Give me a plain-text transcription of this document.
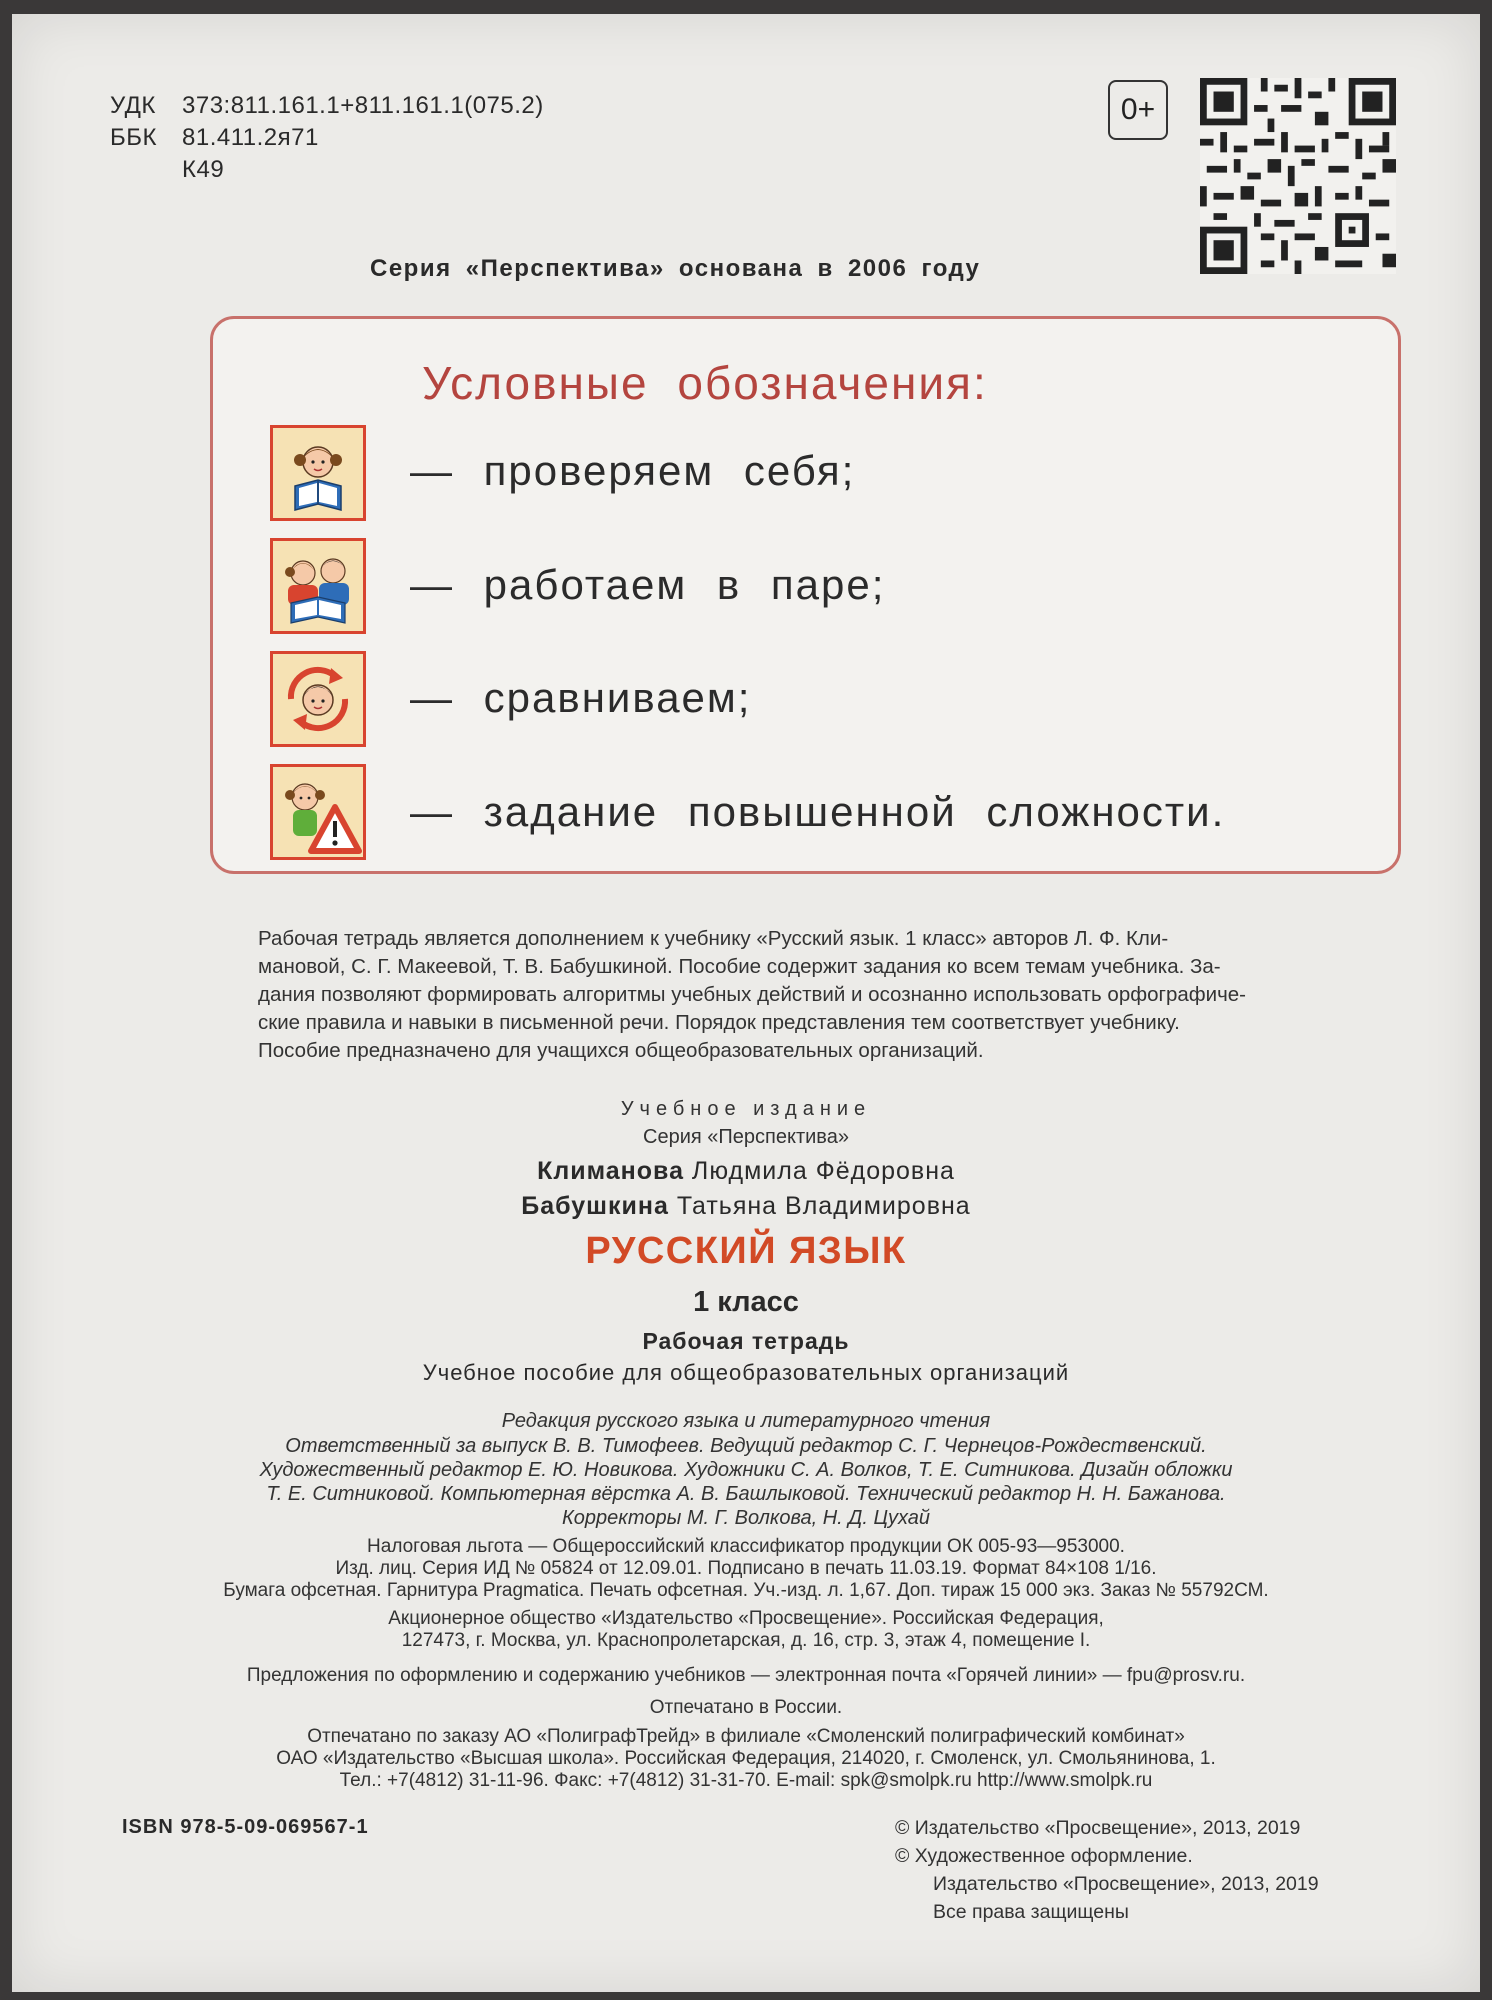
УДК 373:811.161.1+811.161.1(075.2)
ББК 81.411.2я71
К49
0+
Серия «Перспектива» основана в 2006 году
Условные обозначения:
— проверяем себя;
— работаем в паре;
— сравниваем;
— задание повышенной сложности.
Рабочая тетрадь является дополнением к учебнику «Русский язык. 1 класс» авторов Л. Ф. Кли-
мановой, С. Г. Макеевой, Т. В. Бабушкиной. Пособие содержит задания ко всем темам учебника. За-
дания позволяют формировать алгоритмы учебных действий и осознанно использовать орфографиче-
ские правила и навыки в письменной речи. Порядок представления тем соответствует учебнику.
Пособие предназначено для учащихся общеобразовательных организаций.
Учебное издание
Серия «Перспектива»
Климанова Людмила Фёдоровна
Бабушкина Татьяна Владимировна
РУССКИЙ ЯЗЫК
1 класс
Рабочая тетрадь
Учебное пособие для общеобразовательных организаций
Редакция русского языка и литературного чтения
Ответственный за выпуск В. В. Тимофеев. Ведущий редактор С. Г. Чернецов-Рождественский.
Художественный редактор Е. Ю. Новикова. Художники С. А. Волков, Т. Е. Ситникова. Дизайн обложки
Т. Е. Ситниковой. Компьютерная вёрстка А. В. Башлыковой. Технический редактор Н. Н. Бажанова.
Корректоры М. Г. Волкова, Н. Д. Цухай
Налоговая льгота — Общероссийский классификатор продукции ОК 005-93—953000.
Изд. лиц. Серия ИД № 05824 от 12.09.01. Подписано в печать 11.03.19. Формат 84×108 1/16.
Бумага офсетная. Гарнитура Pragmatica. Печать офсетная. Уч.-изд. л. 1,67. Доп. тираж 15 000 экз. Заказ № 55792СМ.
Акционерное общество «Издательство «Просвещение». Российская Федерация,
127473, г. Москва, ул. Краснопролетарская, д. 16, стр. 3, этаж 4, помещение I.
Предложения по оформлению и содержанию учебников — электронная почта «Горячей линии» — fpu@prosv.ru.
Отпечатано в России.
Отпечатано по заказу АО «ПолиграфТрейд» в филиале «Смоленский полиграфический комбинат»
ОАО «Издательство «Высшая школа». Российская Федерация, 214020, г. Смоленск, ул. Смольянинова, 1.
Тел.: +7(4812) 31-11-96. Факс: +7(4812) 31-31-70. E-mail: spk@smolpk.ru http://www.smolpk.ru
ISBN 978-5-09-069567-1	© Издательство «Просвещение», 2013, 2019
© Художественное оформление.
Издательство «Просвещение», 2013, 2019
Все права защищены
